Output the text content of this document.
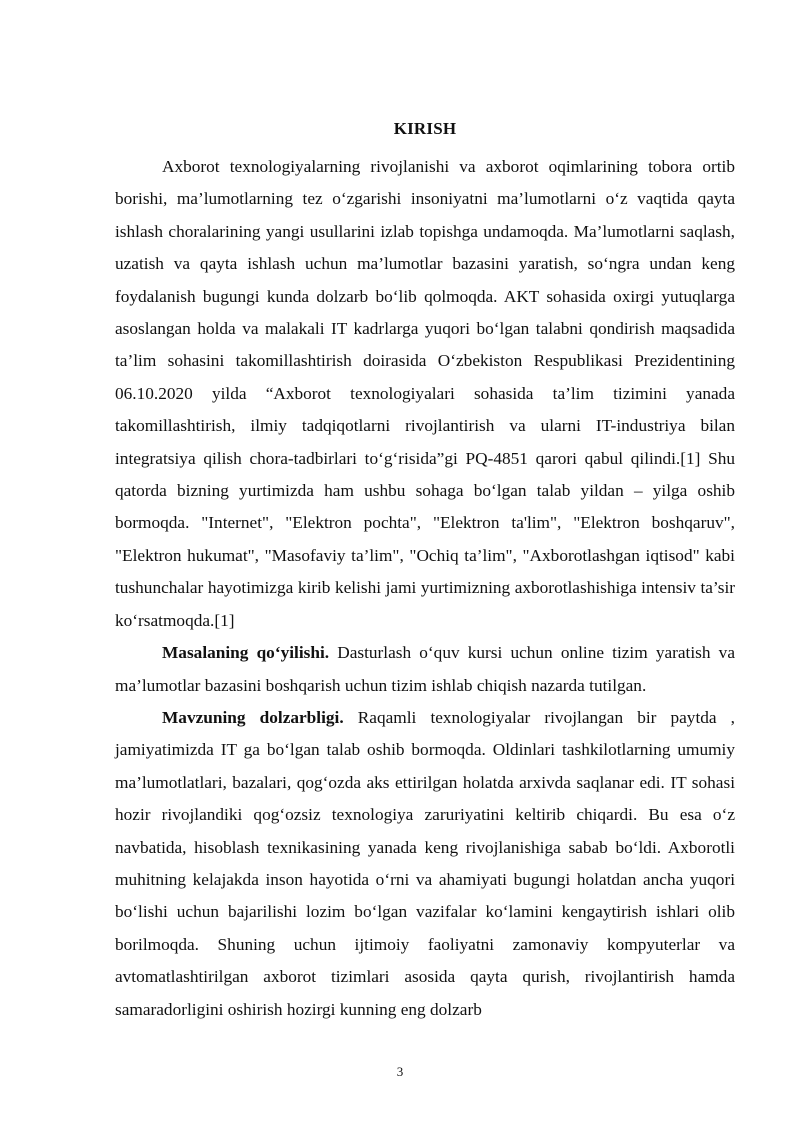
KIRISH

Axborot texnologiyalarning rivojlanishi va axborot oqimlarining tobora ortib borishi, ma’lumotlarning tez o‘zgarishi insoniyatni ma’lumotlarni o‘z vaqtida qayta ishlash choralarining yangi usullarini izlab topishga undamoqda. Ma’lumotlarni saqlash, uzatish va qayta ishlash uchun ma’lumotlar bazasini yaratish, so‘ngra undan keng foydalanish bugungi kunda dolzarb bo‘lib qolmoqda. AKT sohasida oxirgi yutuqlarga asoslangan holda va malakali IT kadrlarga yuqori bo‘lgan talabni qondirish maqsadida ta’lim sohasini takomillashtirish doirasida O‘zbekiston Respublikasi Prezidentining 06.10.2020 yilda “Axborot texnologiyalari sohasida ta’lim tizimini yanada takomillashtirish, ilmiy tadqiqotlarni rivojlantirish va ularni IT-industriya bilan integratsiya qilish chora-tadbirlari to‘g‘risida”gi PQ-4851 qarori qabul qilindi.[1] Shu qatorda bizning yurtimizda ham ushbu sohaga bo‘lgan talab yildan – yilga oshib bormoqda. "Internet", "Elektron pochta", "Elektron ta'lim", "Elektron boshqaruv", "Elektron hukumat", "Masofaviy ta’lim", "Ochiq ta’lim", "Axborotlashgan iqtisod" kabi tushunchalar hayotimizga kirib kelishi jami yurtimizning axborotlashishiga intensiv ta’sir ko‘rsatmoqda.[1]

Masalaning qo‘yilishi. Dasturlash o‘quv kursi uchun online tizim yaratish va ma’lumotlar bazasini boshqarish uchun tizim ishlab chiqish nazarda tutilgan.

Mavzuning dolzarbligi. Raqamli texnologiyalar rivojlangan bir paytda , jamiyatimizda IT ga bo‘lgan talab oshib bormoqda. Oldinlari tashkilotlarning umumiy ma’lumotlatlari, bazalari, qog‘ozda aks ettirilgan holatda arxivda saqlanar edi. IT sohasi hozir rivojlandiki qog‘ozsiz texnologiya zaruriyatini keltirib chiqardi. Bu esa o‘z navbatida, hisoblash texnikasining yanada keng rivojlanishiga sabab bo‘ldi. Axborotli muhitning kelajakda inson hayotida o‘rni va ahamiyati bugungi holatdan ancha yuqori bo‘lishi uchun bajarilishi lozim bo‘lgan vazifalar ko‘lamini kengaytirish ishlari olib borilmoqda. Shuning uchun ijtimoiy faoliyatni zamonaviy kompyuterlar va avtomatlashtirilgan axborot tizimlari asosida qayta qurish, rivojlantirish hamda samaradorligini oshirish hozirgi kunning eng dolzarb

3
